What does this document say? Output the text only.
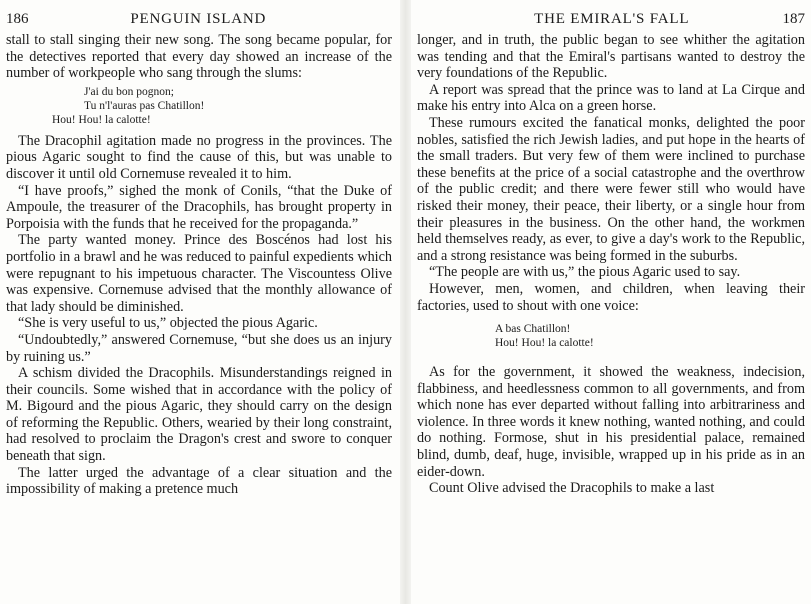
186	PENGUIN ISLAND

stall to stall singing their new song. The song became popular, for the detectives reported that every day showed an increase of the number of workpeople who sang through the slums:

J'ai du bon pognon;
Tu n'l'auras pas Chatillon!
Hou! Hou! la calotte!

The Dracophil agitation made no progress in the provinces. The pious Agaric sought to find the cause of this, but was unable to discover it until old Cornemuse revealed it to him.

“I have proofs,” sighed the monk of Conils, “that the Duke of Ampoule, the treasurer of the Dracophils, has brought property in Porpoisia with the funds that he received for the propaganda.”

The party wanted money. Prince des Boscénos had lost his portfolio in a brawl and he was reduced to painful expedients which were repugnant to his impetuous character. The Viscountess Olive was expensive. Cornemuse advised that the monthly allowance of that lady should be diminished.

“She is very useful to us,” objected the pious Agaric.

“Undoubtedly,” answered Cornemuse, “but she does us an injury by ruining us.”

A schism divided the Dracophils. Misunderstandings reigned in their councils. Some wished that in accordance with the policy of M. Bigourd and the pious Agaric, they should carry on the design of reforming the Republic. Others, wearied by their long constraint, had resolved to proclaim the Dragon's crest and swore to conquer beneath that sign.

The latter urged the advantage of a clear situation and the impossibility of making a pretence much

THE EMIRAL'S FALL	187

longer, and in truth, the public began to see whither the agitation was tending and that the Emiral's partisans wanted to destroy the very foundations of the Republic.

A report was spread that the prince was to land at La Cirque and make his entry into Alca on a green horse.

These rumours excited the fanatical monks, delighted the poor nobles, satisfied the rich Jewish ladies, and put hope in the hearts of the small traders. But very few of them were inclined to purchase these benefits at the price of a social catastrophe and the overthrow of the public credit; and there were fewer still who would have risked their money, their peace, their liberty, or a single hour from their pleasures in the business. On the other hand, the workmen held themselves ready, as ever, to give a day's work to the Republic, and a strong resistance was being formed in the suburbs.

“The people are with us,” the pious Agaric used to say.

However, men, women, and children, when leaving their factories, used to shout with one voice:

A bas Chatillon!
Hou! Hou! la calotte!

As for the government, it showed the weakness, indecision, flabbiness, and heedlessness common to all governments, and from which none has ever departed without falling into arbitrariness and violence. In three words it knew nothing, wanted nothing, and could do nothing. Formose, shut in his presidential palace, remained blind, dumb, deaf, huge, invisible, wrapped up in his pride as in an eider-down.

Count Olive advised the Dracophils to make a last
